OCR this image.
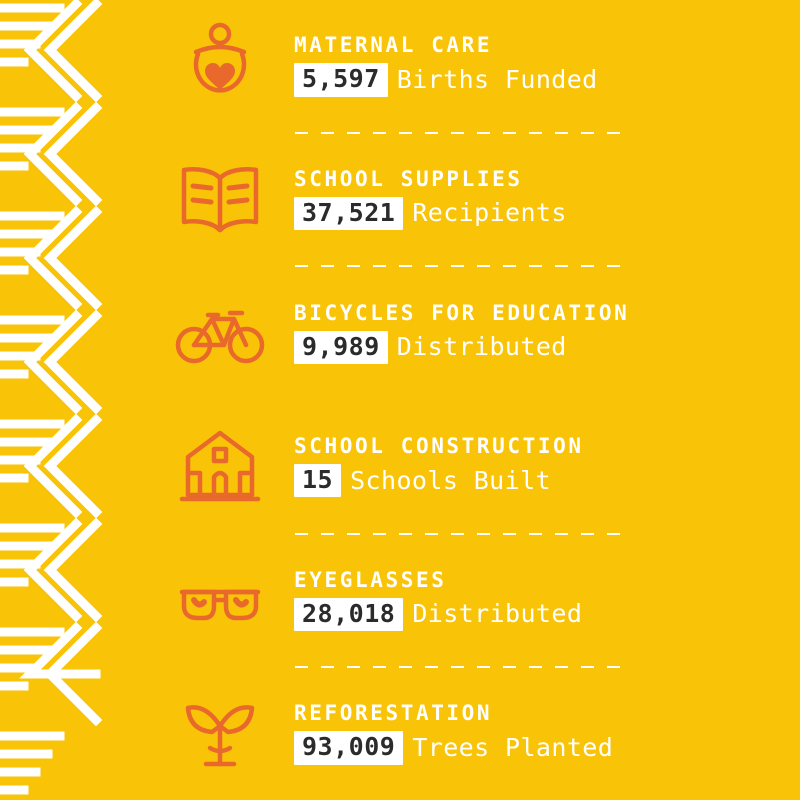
MATERNAL CARE
5,597 Births Funded
SCHOOL SUPPLIES
37,521 Recipients
BICYCLES FOR EDUCATION
9,989 Distributed
SCHOOL CONSTRUCTION
15 Schools Built
EYEGLASSES
28,018 Distributed
REFORESTATION
93,009 Trees Planted
